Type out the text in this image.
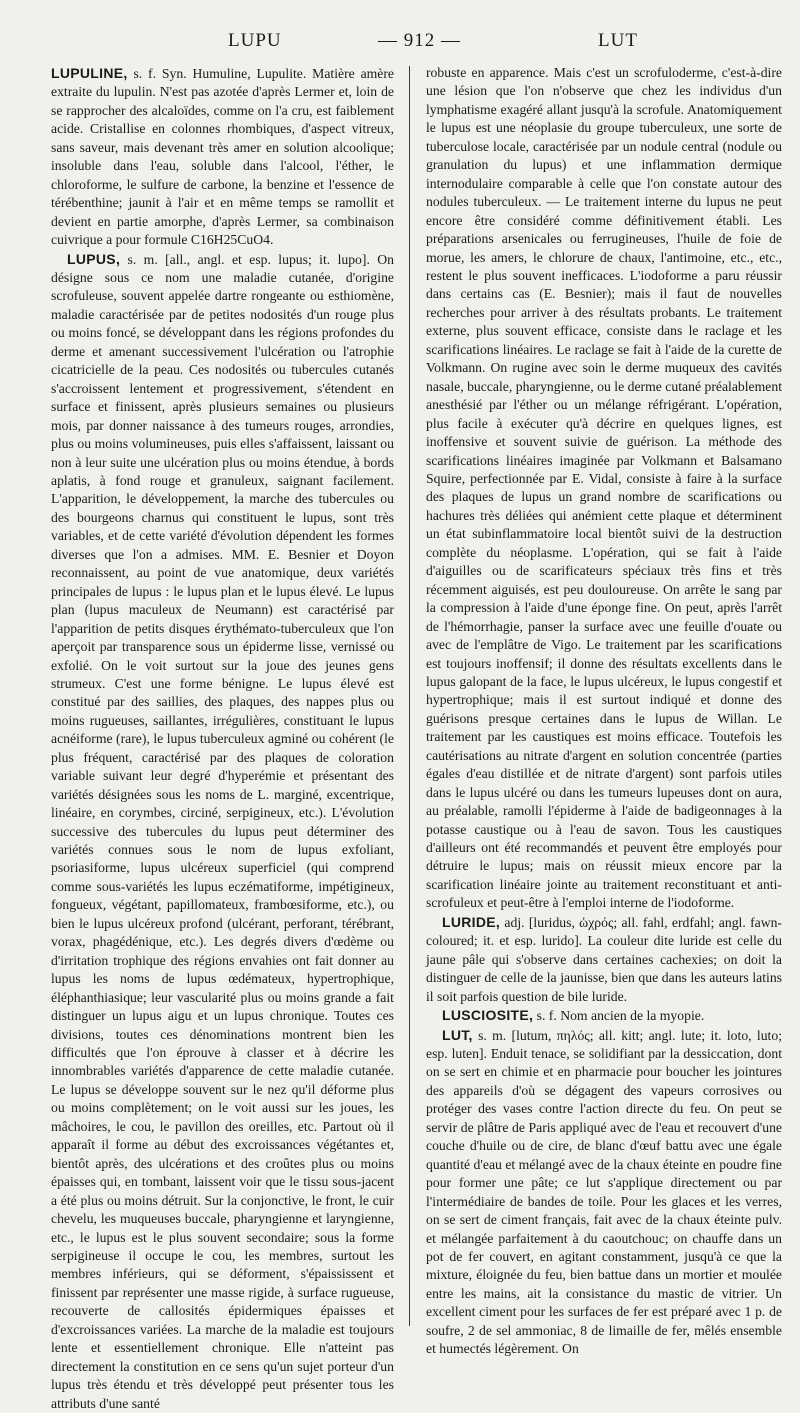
LUPU	— 912 —	LUT

LUPULINE, s. f. Syn. Humuline, Lupulite. Matière amère extraite du lupulin. N'est pas azotée d'après Lermer et, loin de se rapprocher des alcaloïdes, comme on l'a cru, est faiblement acide. Cristallise en colonnes rhombiques, d'aspect vitreux, sans saveur, mais devenant très amer en solution alcoolique; insoluble dans l'eau, soluble dans l'alcool, l'éther, le chloroforme, le sulfure de carbone, la benzine et l'essence de térébenthine; jaunit à l'air et en même temps se ramollit et devient en partie amorphe, d'après Lermer, sa combinaison cuivrique a pour formule C16H25CuO4.

LUPUS, s. m. [all., angl. et esp. lupus; it. lupo]. On désigne sous ce nom une maladie cutanée, d'origine scrofuleuse, souvent appelée dartre rongeante ou esthiomène, maladie caractérisée par de petites nodosités d'un rouge plus ou moins foncé, se développant dans les régions profondes du derme et amenant successivement l'ulcération ou l'atrophie cicatricielle de la peau. Ces nodosités ou tubercules cutanés s'accroissent lentement et progressivement, s'étendent en surface et finissent, après plusieurs semaines ou plusieurs mois, par donner naissance à des tumeurs rouges, arrondies, plus ou moins volumineuses, puis elles s'affaissent, laissant ou non à leur suite une ulcération plus ou moins étendue, à bords aplatis, à fond rouge et granuleux, saignant facilement. L'apparition, le développement, la marche des tubercules ou des bourgeons charnus qui constituent le lupus, sont très variables, et de cette variété d'évolution dépendent les formes diverses que l'on a admises. MM. E. Besnier et Doyon reconnaissent, au point de vue anatomique, deux variétés principales de lupus : le lupus plan et le lupus élevé. Le lupus plan (lupus maculeux de Neumann) est caractérisé par l'apparition de petits disques érythémato-tuberculeux que l'on aperçoit par transparence sous un épiderme lisse, vernissé ou exfolié. On le voit surtout sur la joue des jeunes gens strumeux. C'est une forme bénigne. Le lupus élevé est constitué par des saillies, des plaques, des nappes plus ou moins rugueuses, saillantes, irrégulières, constituant le lupus acnéiforme (rare), le lupus tuberculeux agminé ou cohérent (le plus fréquent, caractérisé par des plaques de coloration variable suivant leur degré d'hyperémie et présentant des variétés désignées sous les noms de L. marginé, excentrique, linéaire, en corymbes, circiné, serpigineux, etc.). L'évolution successive des tubercules du lupus peut déterminer des variétés connues sous le nom de lupus exfoliant, psoriasiforme, lupus ulcéreux superficiel (qui comprend comme sous-variétés les lupus eczématiforme, impétigineux, fongueux, végétant, papillomateux, frambœsiforme, etc.), ou bien le lupus ulcéreux profond (ulcérant, perforant, térébrant, vorax, phagédénique, etc.). Les degrés divers d'œdème ou d'irritation trophique des régions envahies ont fait donner au lupus les noms de lupus œdémateux, hypertrophique, éléphanthiasique; leur vascularité plus ou moins grande a fait distinguer un lupus aigu et un lupus chronique. Toutes ces divisions, toutes ces dénominations montrent bien les difficultés que l'on éprouve à classer et à décrire les innombrables variétés d'apparence de cette maladie cutanée. Le lupus se développe souvent sur le nez qu'il déforme plus ou moins complètement; on le voit aussi sur les joues, les mâchoires, le cou, le pavillon des oreilles, etc. Partout où il apparaît il forme au début des excroissances végétantes et, bientôt après, des ulcérations et des croûtes plus ou moins épaisses qui, en tombant, laissent voir que le tissu sous-jacent a été plus ou moins détruit. Sur la conjonctive, le front, le cuir chevelu, les muqueuses buccale, pharyngienne et laryngienne, etc., le lupus est le plus souvent secondaire; sous la forme serpigineuse il occupe le cou, les membres, surtout les membres inférieurs, qui se déforment, s'épaississent et finissent par représenter une masse rigide, à surface rugueuse, recouverte de callosités épidermiques épaisses et d'excroissances variées. La marche de la maladie est toujours lente et essentiellement chronique. Elle n'atteint pas directement la constitution en ce sens qu'un sujet porteur d'un lupus très étendu et très développé peut présenter tous les attributs d'une santé

robuste en apparence. Mais c'est un scrofuloderme, c'est-à-dire une lésion que l'on n'observe que chez les individus d'un lymphatisme exagéré allant jusqu'à la scrofule. Anatomiquement le lupus est une néoplasie du groupe tuberculeux, une sorte de tuberculose locale, caractérisée par un nodule central (nodule ou granulation du lupus) et une inflammation dermique internodulaire comparable à celle que l'on constate autour des nodules tuberculeux. — Le traitement interne du lupus ne peut encore être considéré comme définitivement établi. Les préparations arsenicales ou ferrugineuses, l'huile de foie de morue, les amers, le chlorure de chaux, l'antimoine, etc., etc., restent le plus souvent inefficaces. L'iodoforme a paru réussir dans certains cas (E. Besnier); mais il faut de nouvelles recherches pour arriver à des résultats probants. Le traitement externe, plus souvent efficace, consiste dans le raclage et les scarifications linéaires. Le raclage se fait à l'aide de la curette de Volkmann. On rugine avec soin le derme muqueux des cavités nasale, buccale, pharyngienne, ou le derme cutané préalablement anesthésié par l'éther ou un mélange réfrigérant. L'opération, plus facile à exécuter qu'à décrire en quelques lignes, est inoffensive et souvent suivie de guérison. La méthode des scarifications linéaires imaginée par Volkmann et Balsamano Squire, perfectionnée par E. Vidal, consiste à faire à la surface des plaques de lupus un grand nombre de scarifications ou hachures très déliées qui anémient cette plaque et déterminent un état subinflammatoire local bientôt suivi de la destruction complète du néoplasme. L'opération, qui se fait à l'aide d'aiguilles ou de scarificateurs spéciaux très fins et très récemment aiguisés, est peu douloureuse. On arrête le sang par la compression à l'aide d'une éponge fine. On peut, après l'arrêt de l'hémorrhagie, panser la surface avec une feuille d'ouate ou avec de l'emplâtre de Vigo. Le traitement par les scarifications est toujours inoffensif; il donne des résultats excellents dans le lupus galopant de la face, le lupus ulcéreux, le lupus congestif et hypertrophique; mais il est surtout indiqué et donne des guérisons presque certaines dans le lupus de Willan. Le traitement par les caustiques est moins efficace. Toutefois les cautérisations au nitrate d'argent en solution concentrée (parties égales d'eau distillée et de nitrate d'argent) sont parfois utiles dans le lupus ulcéré ou dans les tumeurs lupeuses dont on aura, au préalable, ramolli l'épiderme à l'aide de badigeonnages à la potasse caustique ou à l'eau de savon. Tous les caustiques d'ailleurs ont été recommandés et peuvent être employés pour détruire le lupus; mais on réussit mieux encore par la scarification linéaire jointe au traitement reconstituant et anti-scrofuleux et peut-être à l'emploi interne de l'iodoforme.

LURIDE, adj. [luridus, ὠχρός; all. fahl, erdfahl; angl. fawn-coloured; it. et esp. lurido]. La couleur dite luride est celle du jaune pâle qui s'observe dans certaines cachexies; on doit la distinguer de celle de la jaunisse, bien que dans les auteurs latins il soit parfois question de bile luride.

LUSCIOSITE, s. f. Nom ancien de la myopie.

LUT, s. m. [lutum, πηλός; all. kitt; angl. lute; it. loto, luto; esp. luten]. Enduit tenace, se solidifiant par la dessiccation, dont on se sert en chimie et en pharmacie pour boucher les jointures des appareils d'où se dégagent des vapeurs corrosives ou protéger des vases contre l'action directe du feu. On peut se servir de plâtre de Paris appliqué avec de l'eau et recouvert d'une couche d'huile ou de cire, de blanc d'œuf battu avec une égale quantité d'eau et mélangé avec de la chaux éteinte en poudre fine pour former une pâte; ce lut s'applique directement ou par l'intermédiaire de bandes de toile. Pour les glaces et les verres, on se sert de ciment français, fait avec de la chaux éteinte pulv. et mélangée parfaitement à du caoutchouc; on chauffe dans un pot de fer couvert, en agitant constamment, jusqu'à ce que la mixture, éloignée du feu, bien battue dans un mortier et moulée entre les mains, ait la consistance du mastic de vitrier. Un excellent ciment pour les surfaces de fer est préparé avec 1 p. de soufre, 2 de sel ammoniac, 8 de limaille de fer, mêlés ensemble et humectés légèrement. On
